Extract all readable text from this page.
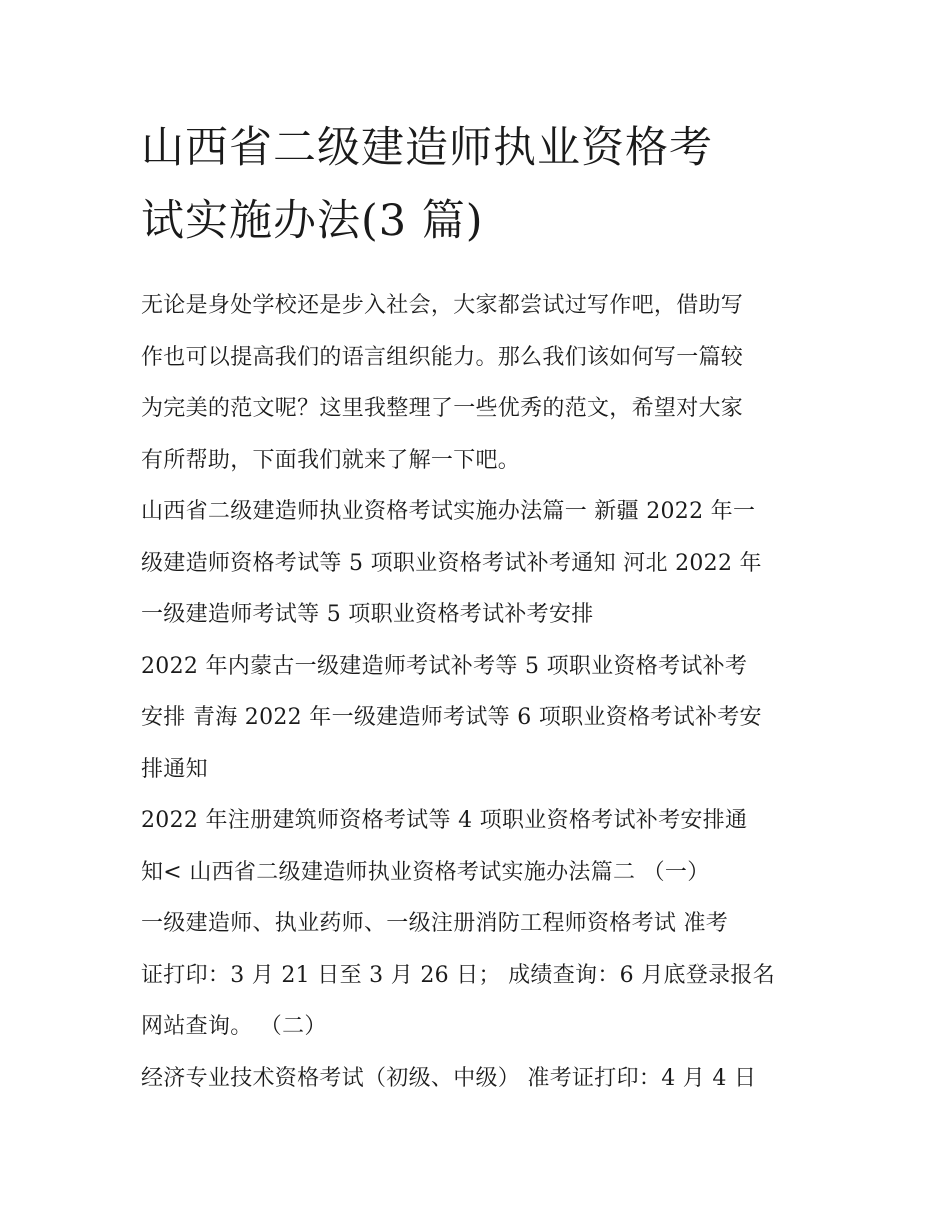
山西省二级建造师执业资格考
试实施办法(3 篇)
无论是身处学校还是步入社会，大家都尝试过写作吧，借助写
作也可以提高我们的语言组织能力。那么我们该如何写一篇较
为完美的范文呢？这里我整理了一些优秀的范文，希望对大家
有所帮助，下面我们就来了解一下吧。
山西省二级建造师执业资格考试实施办法篇一 新疆 2022 年一
级建造师资格考试等 5 项职业资格考试补考通知 河北 2022 年
一级建造师考试等 5 项职业资格考试补考安排
2022 年内蒙古一级建造师考试补考等 5 项职业资格考试补考
安排 青海 2022 年一级建造师考试等 6 项职业资格考试补考安
排通知
2022 年注册建筑师资格考试等 4 项职业资格考试补考安排通
知< 山西省二级建造师执业资格考试实施办法篇二 （一）
一级建造师、执业药师、一级注册消防工程师资格考试 准考
证打印：3 月 21 日至 3 月 26 日； 成绩查询：6 月底登录报名
网站查询。 （二）
经济专业技术资格考试（初级、中级） 准考证打印：4 月 4 日
